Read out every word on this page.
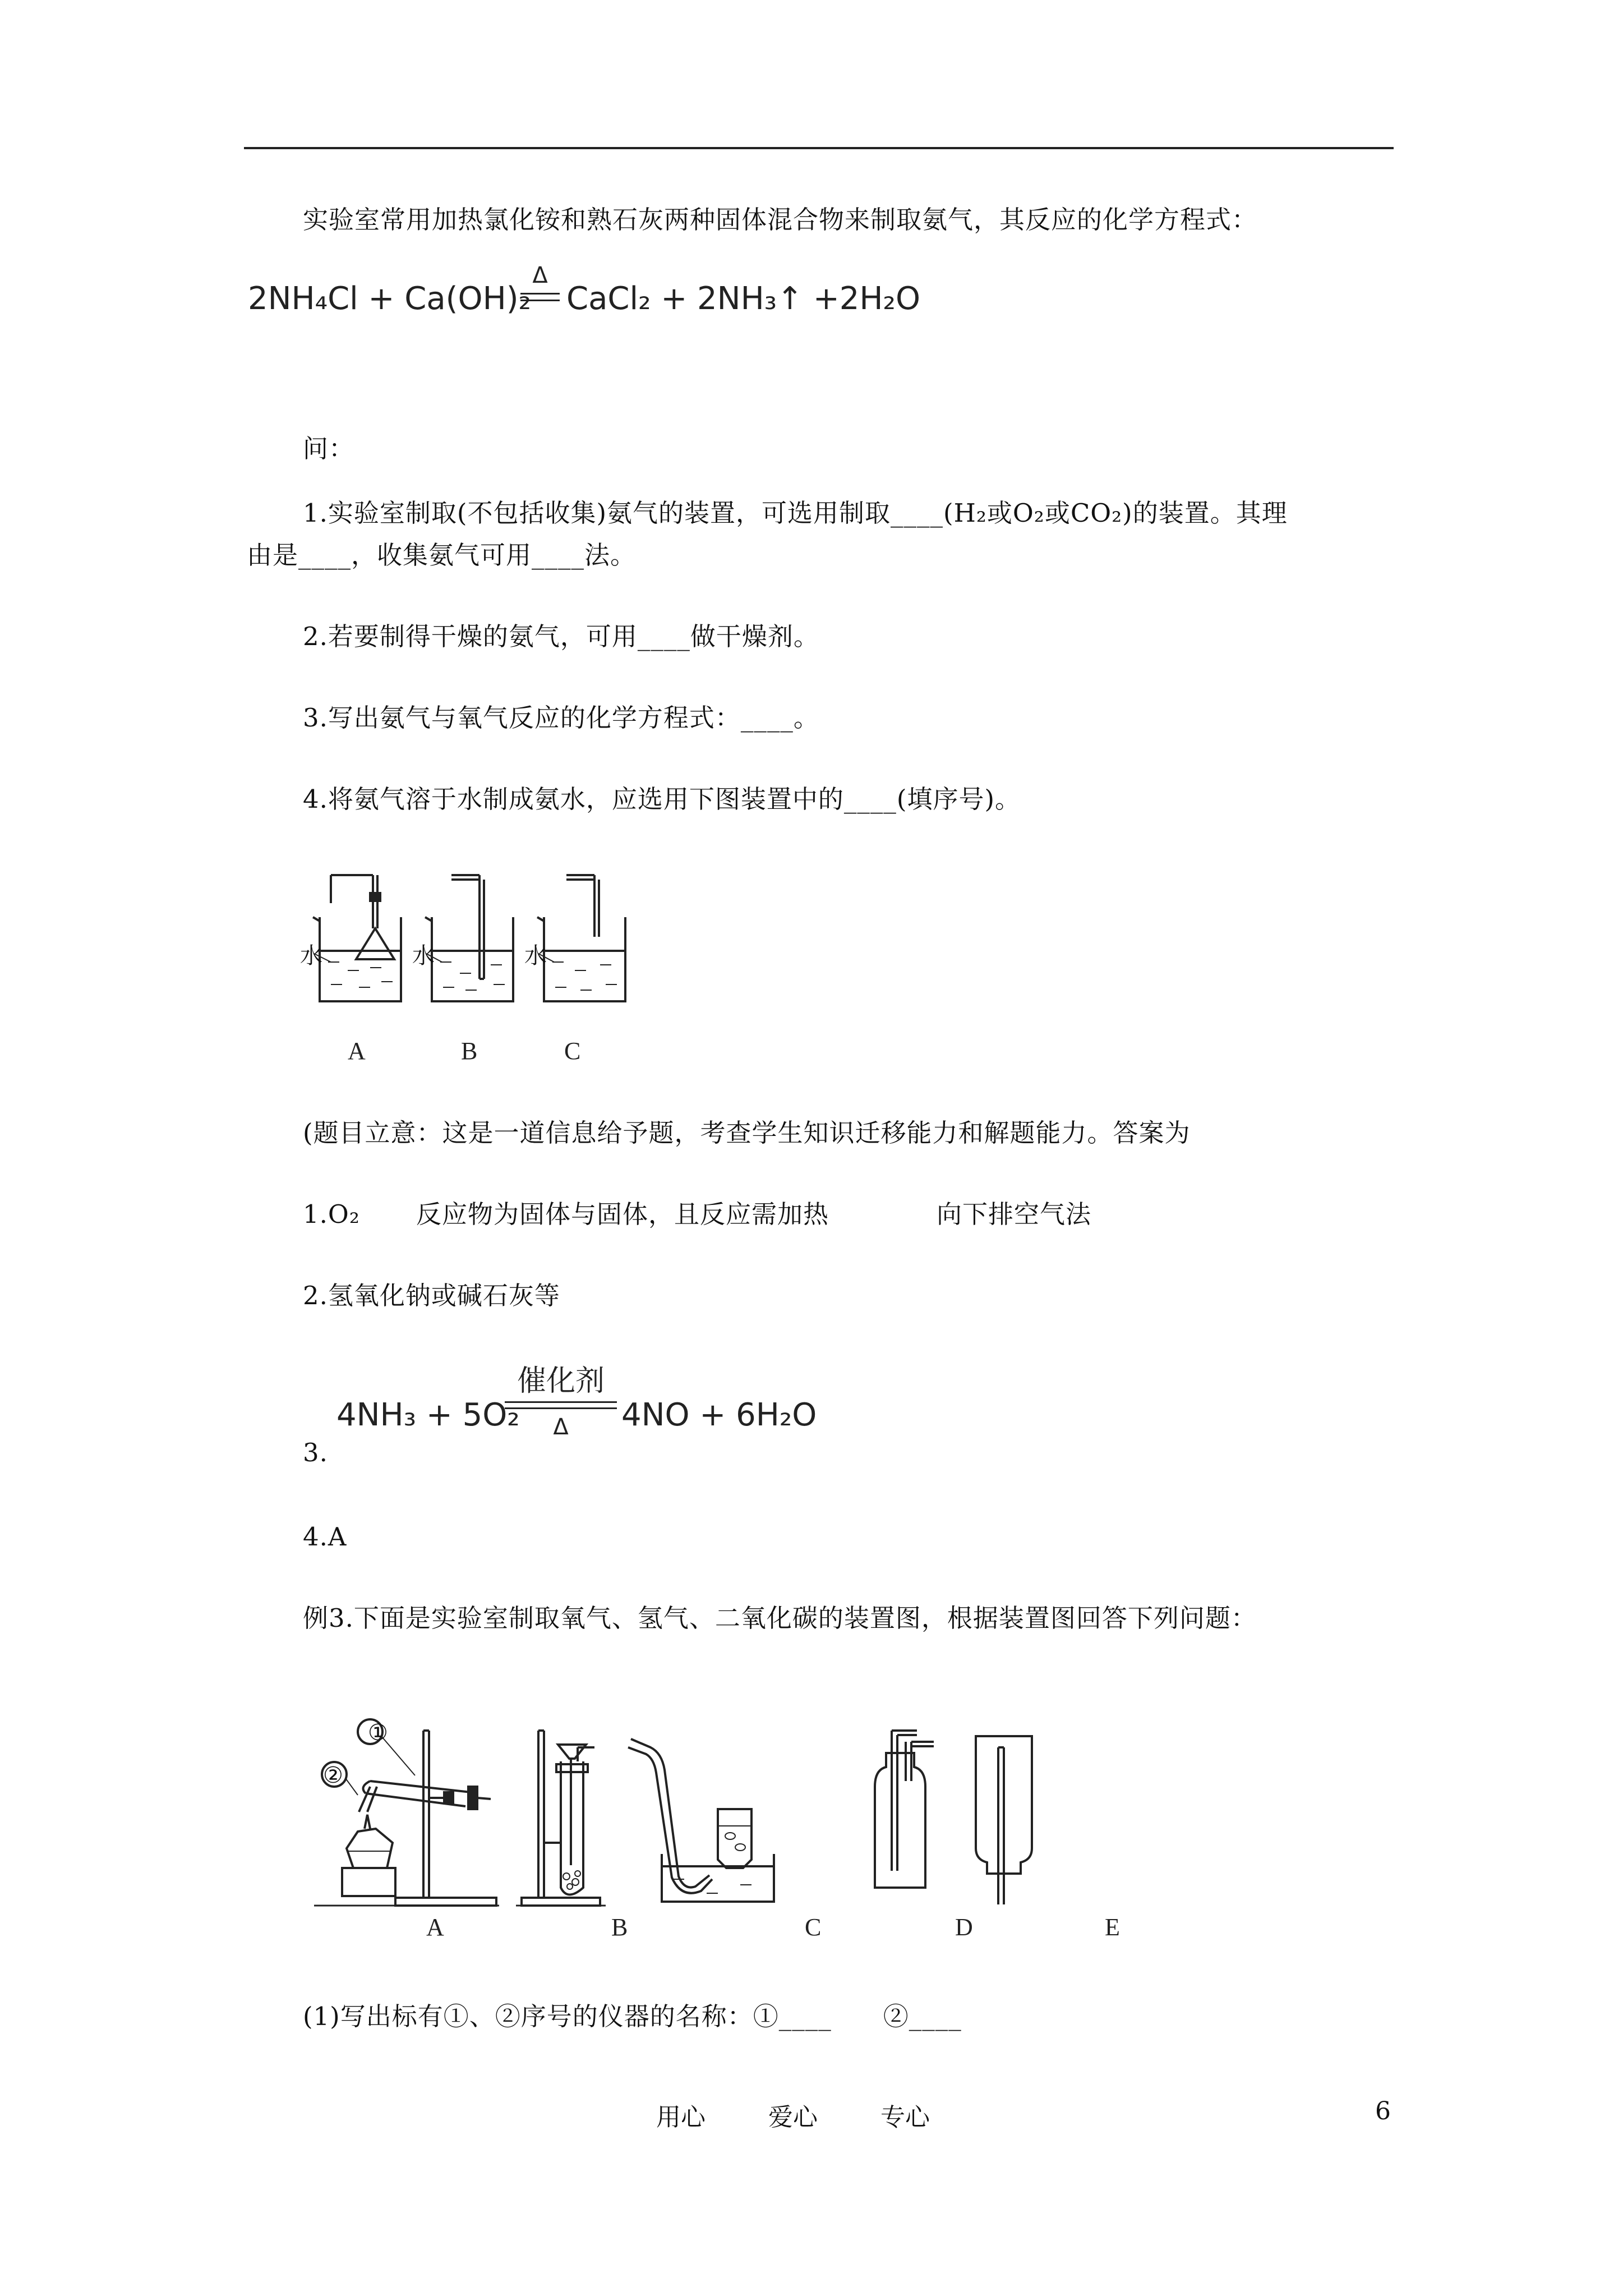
实验室常用加热氯化铵和熟石灰两种固体混合物来制取氨气，其反应的化学方程式：
2NH₄Cl + Ca(OH)₂
Δ
CaCl₂ + 2NH₃↑ +2H₂O
问：
1.实验室制取(不包括收集)氨气的装置，可选用制取____(H₂或O₂或CO₂)的装置。其理
由是____，收集氨气可用____法。
2.若要制得干燥的氨气，可用____做干燥剂。
3.写出氨气与氧气反应的化学方程式：____。
4.将氨气溶于水制成氨水，应选用下图装置中的____(填序号)。
水	水	水
A	B	C
(题目立意：这是一道信息给予题，考查学生知识迁移能力和解题能力。答案为
1.O₂ 反应物为固体与固体，且反应需加热	向下排空气法
2.氢氧化钠或碱石灰等
4NH₃ + 5O₂
催化剂
Δ	4NO + 6H₂O
3.
4.A
例3.下面是实验室制取氧气、氢气、二氧化碳的装置图，根据装置图回答下列问题：
①
②
A	B	C	D	E
(1)写出标有①、②序号的仪器的名称：①____　　②____
用心	爱心	专心	6
